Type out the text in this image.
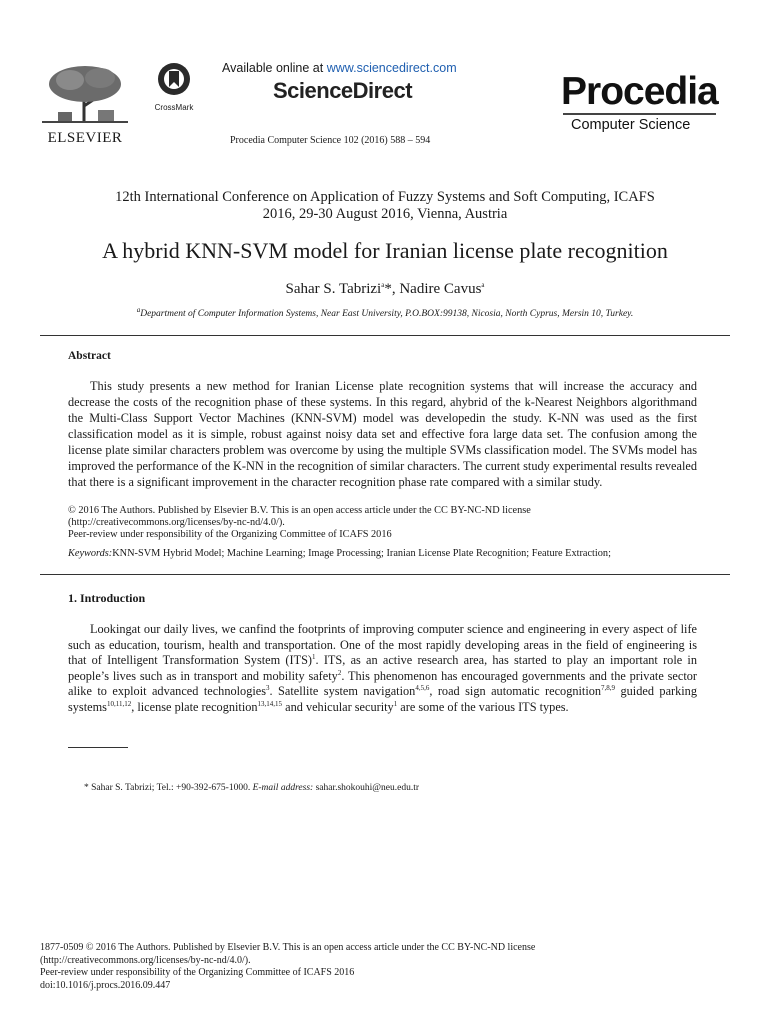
ELSEVIER
CrossMark
Available online at www.sciencedirect.com
ScienceDirect
Procedia Computer Science 102 (2016) 588 – 594
Procedia
Computer Science
12th International Conference on Application of Fuzzy Systems and Soft Computing, ICAFS
2016, 29-30 August 2016, Vienna, Austria
A hybrid KNN-SVM model for Iranian license plate recognition
Sahar S. Tabrizi$^a$*, Nadire Cavus$^a$
$^a$Department of Computer Information Systems, Near East University, P.O.BOX:99138, Nicosia, North Cyprus, Mersin 10, Turkey.
Abstract
This study presents a new method for Iranian License plate recognition systems that will increase the accuracy and decrease the costs of the recognition phase of these systems. In this regard, ahybrid of the k-Nearest Neighbors algorithmand the Multi-Class Support Vector Machines (KNN-SVM) model was developedin the study. K-NN was used as the first classification model as it is simple, robust against noisy data set and effective fora large data set. The confusion among the license plate similar characters problem was overcome by using the multiple SVMs classification model. The SVMs model has improved the performance of the K-NN in the recognition of similar characters. The current study experimental results revealed that there is a significant improvement in the character recognition phase rate compared with a similar study.
© 2016 The Authors. Published by Elsevier B.V. This is an open access article under the CC BY-NC-ND license
(http://creativecommons.org/licenses/by-nc-nd/4.0/).
Peer-review under responsibility of the Organizing Committee of ICAFS 2016
Keywords:KNN-SVM Hybrid Model; Machine Learning; Image Processing; Iranian License Plate Recognition; Feature Extraction;
1. Introduction
Lookingat our daily lives, we canfind the footprints of improving computer science and engineering in every aspect of life such as education, tourism, health and transportation. One of the most rapidly developing areas in the field of engineering is that of Intelligent Transformation System (ITS)$^1$. ITS, as an active research area, has started to play an important role in people’s lives such as in transport and mobility safety$^2$. This phenomenon has encouraged governments and the private sector alike to exploit advanced technologies$^3$. Satellite system navigation$^{4,5,6}$, road sign automatic recognition$^{7,8,9}$ guided parking systems$^{10,11,12}$, license plate recognition$^{13,14,15}$ and vehicular security$^1$ are some of the various ITS types.
* Sahar S. Tabrizi; Tel.: +90-392-675-1000. E-mail address: sahar.shokouhi@neu.edu.tr
1877-0509 © 2016 The Authors. Published by Elsevier B.V. This is an open access article under the CC BY-NC-ND license
(http://creativecommons.org/licenses/by-nc-nd/4.0/).
Peer-review under responsibility of the Organizing Committee of ICAFS 2016
doi:10.1016/j.procs.2016.09.447
